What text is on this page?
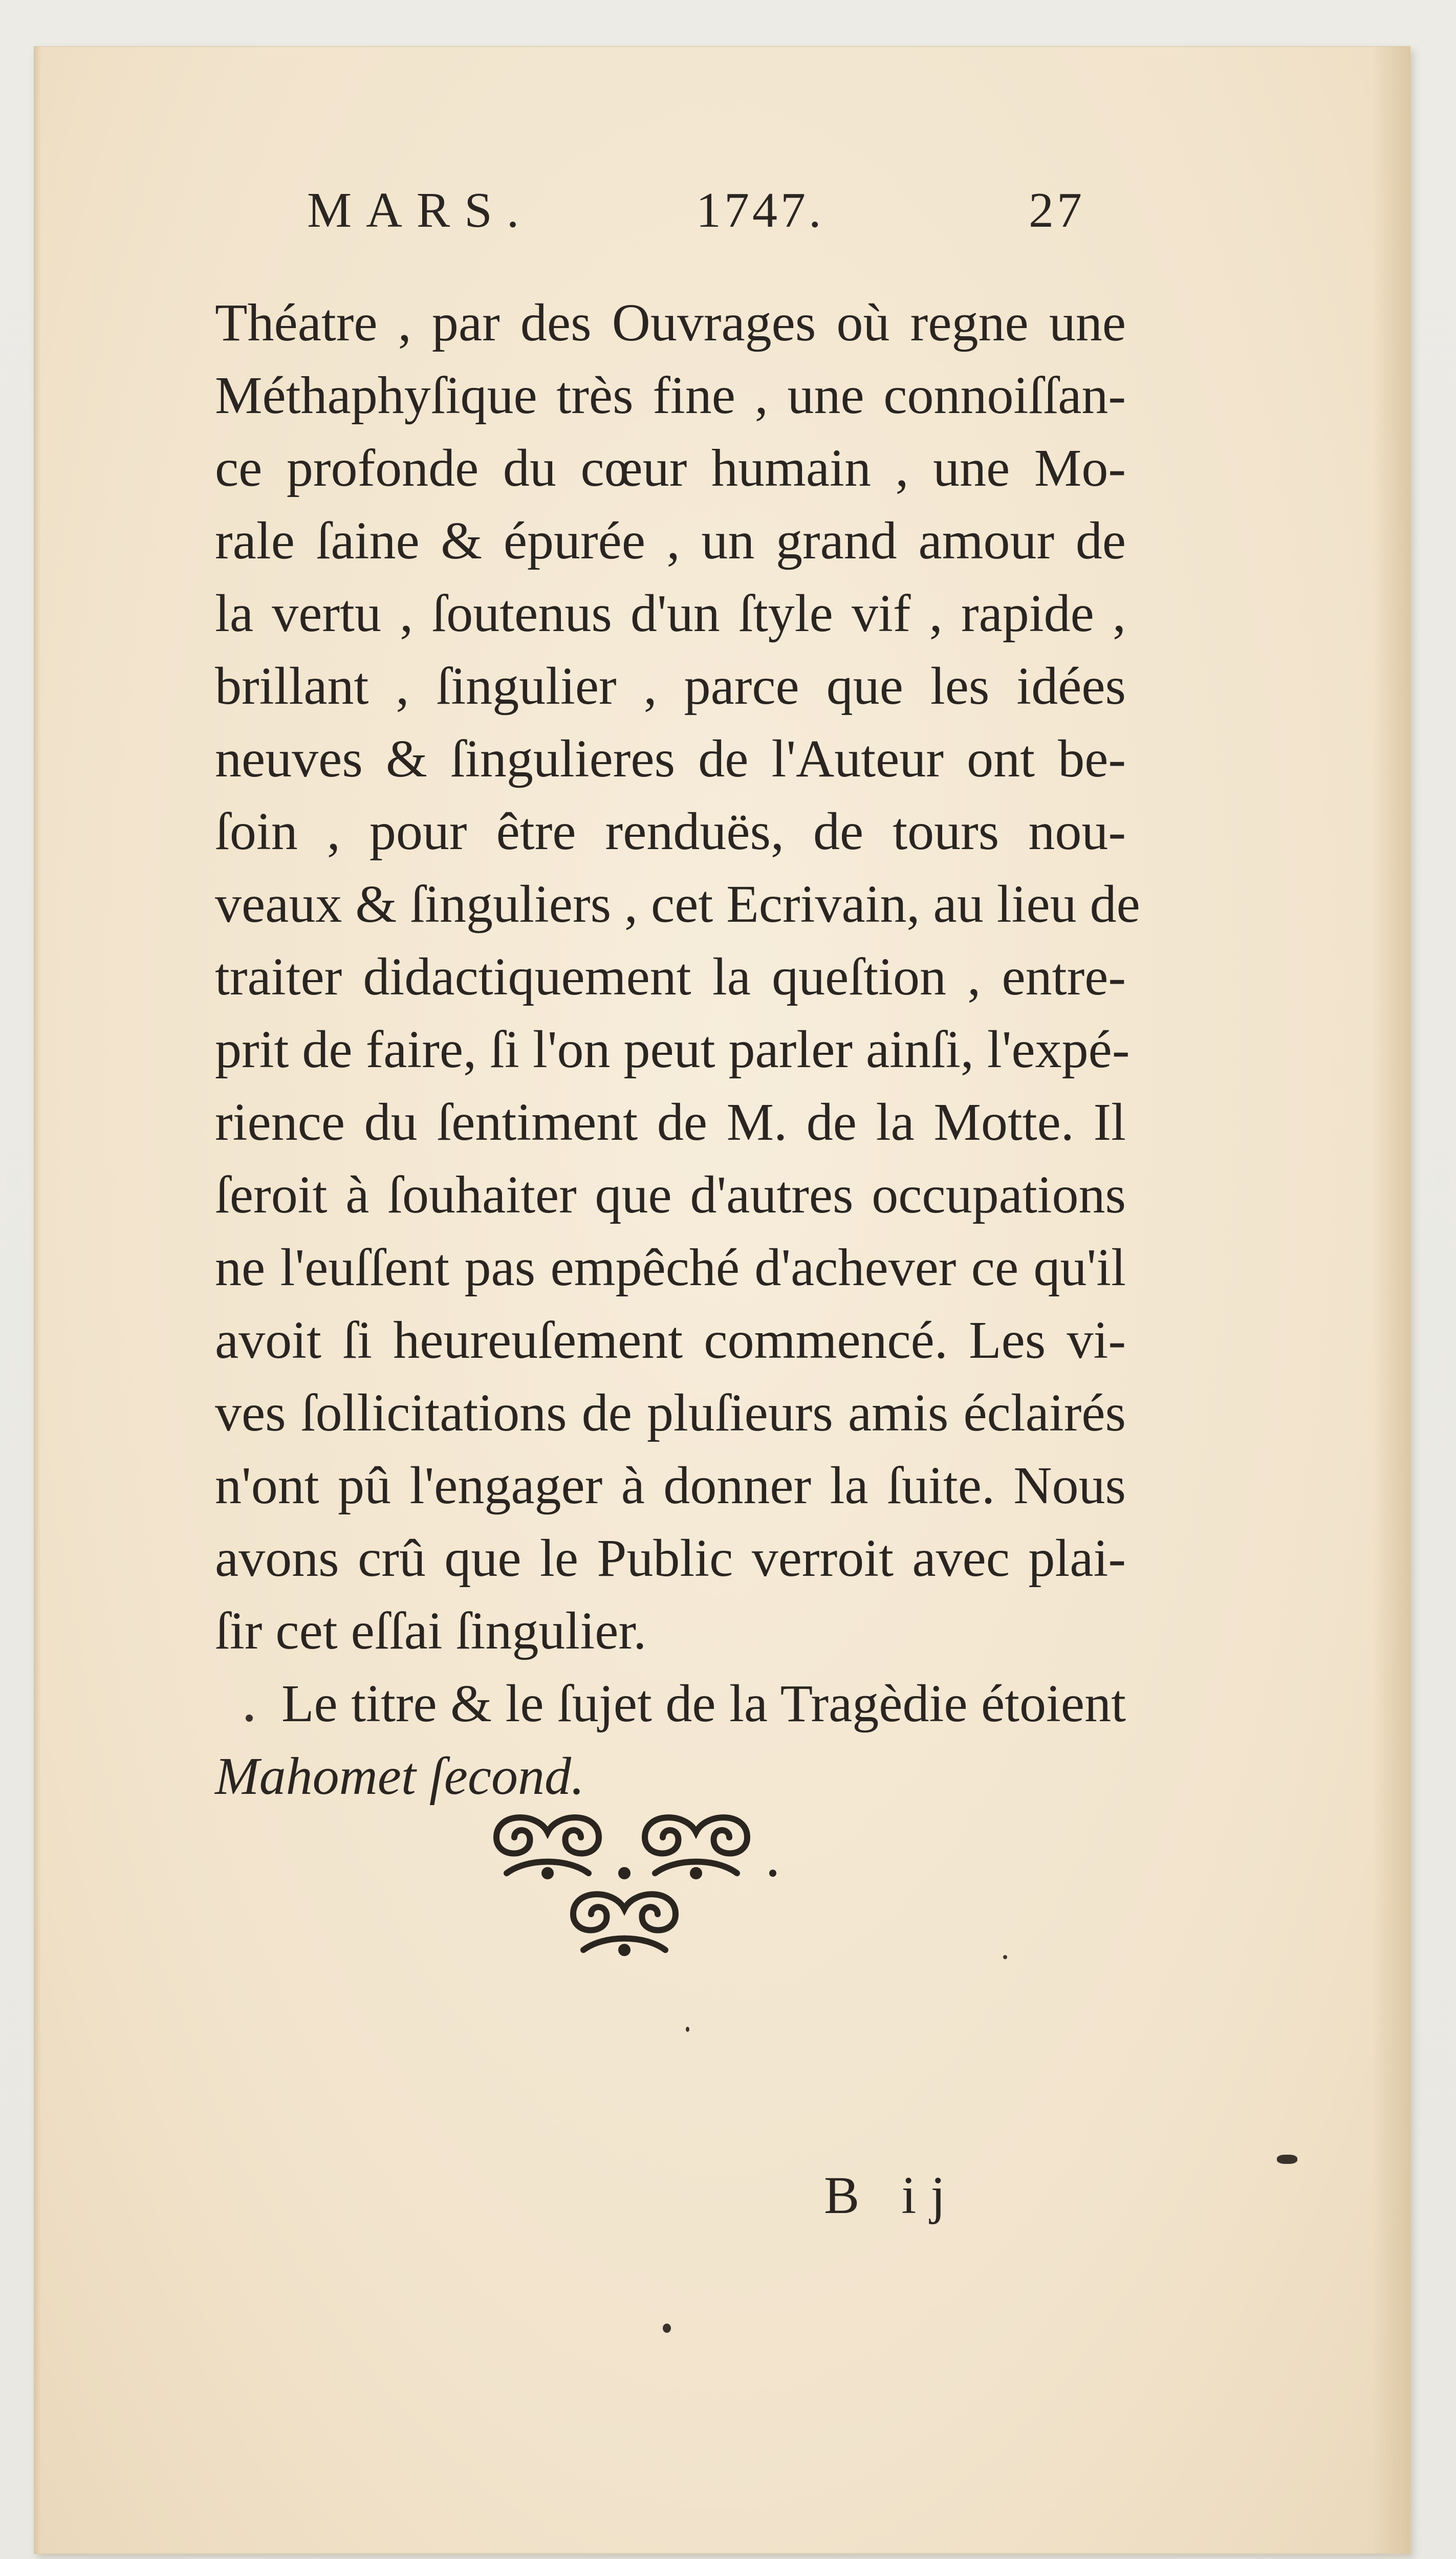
MARS.	1747.	27
Théatre , par des Ouvrages où regne une
Méthaphyſique très fine , une connoiſſan-
ce profonde du cœur humain , une Mo-
rale ſaine & épurée , un grand amour de
la vertu , ſoutenus d'un ſtyle vif , rapide ,
brillant , ſingulier , parce que les idées
neuves & ſingulieres de l'Auteur ont be-
ſoin , pour être renduës, de tours nou-
veaux & ſinguliers , cet Ecrivain, au lieu de
traiter didactiquement la queſtion , entre-
prit de faire, ſi l'on peut parler ainſi, l'expé-
rience du ſentiment de M. de la Motte. Il
ſeroit à ſouhaiter que d'autres occupations
ne l'euſſent pas empêché d'achever ce qu'il
avoit ſi heureuſement commencé. Les vi-
ves ſollicitations de pluſieurs amis éclairés
n'ont pû l'engager à donner la ſuite. Nous
avons crû que le Public verroit avec plai-
ſir cet eſſai ſingulier.
Le titre & le ſujet de la Tragèdie étoient
Mahomet ſecond.
B ij
